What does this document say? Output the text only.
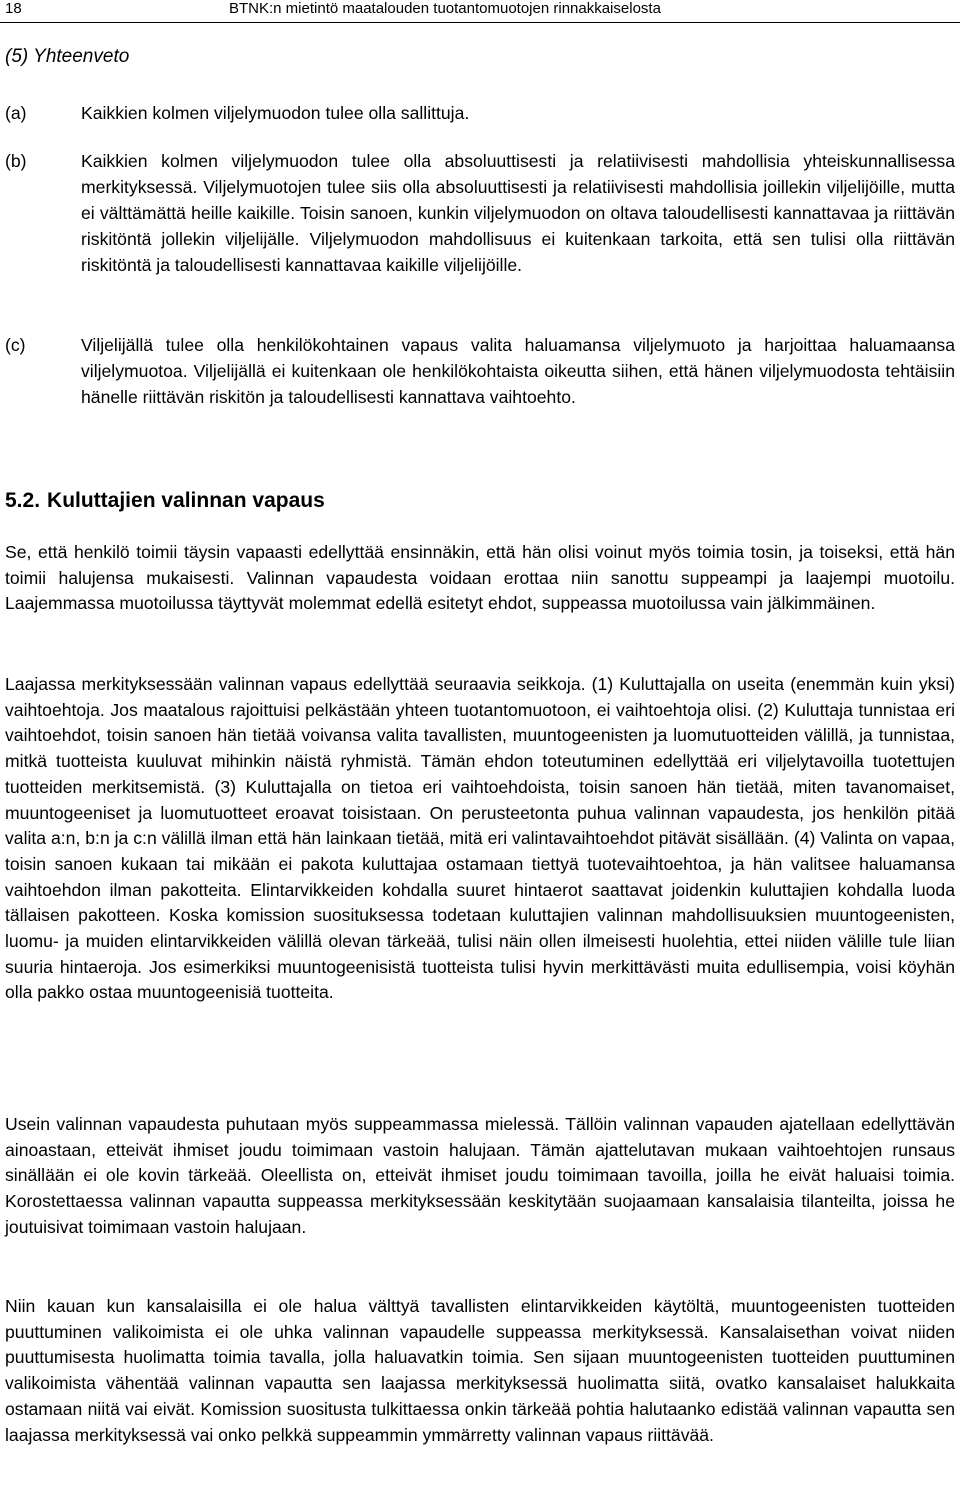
18	BTNK:n mietintö maatalouden tuotantomuotojen rinnakkaiselosta
(5) Yhteenveto
(a)	Kaikkien kolmen viljelymuodon tulee olla sallittuja.
(b)	Kaikkien kolmen viljelymuodon tulee olla absoluuttisesti ja relatiivisesti mahdollisia yhteiskunnallisessa merkityksessä. Viljelymuotojen tulee siis olla absoluuttisesti ja relatiivisesti mahdollisia joillekin viljelijöille, mutta ei välttämättä heille kaikille. Toisin sanoen, kunkin viljelymuodon on oltava taloudellisesti kannattavaa ja riittävän riskitöntä jollekin viljelijälle. Viljelymuodon mahdollisuus ei kuitenkaan tarkoita, että sen tulisi olla riittävän riskitöntä ja taloudellisesti kannattavaa kaikille viljelijöille.
(c)	Viljelijällä tulee olla henkilökohtainen vapaus valita haluamansa viljelymuoto ja harjoittaa haluamaansa viljelymuotoa. Viljelijällä ei kuitenkaan ole henkilökohtaista oikeutta siihen, että hänen viljelymuodosta tehtäisiin hänelle riittävän riskitön ja taloudellisesti kannattava vaihtoehto.
5.2. Kuluttajien valinnan vapaus

Se, että henkilö toimii täysin vapaasti edellyttää ensinnäkin, että hän olisi voinut myös toimia tosin, ja toiseksi, että hän toimii halujensa mukaisesti. Valinnan vapaudesta voidaan erottaa niin sanottu suppeampi ja laajempi muotoilu. Laajemmassa muotoilussa täyttyvät molemmat edellä esitetyt ehdot, suppeassa muotoilussa vain jälkimmäinen.

Laajassa merkityksessään valinnan vapaus edellyttää seuraavia seikkoja. (1) Kuluttajalla on useita (enemmän kuin yksi) vaihtoehtoja. Jos maatalous rajoittuisi pelkästään yhteen tuotantomuotoon, ei vaihtoehtoja olisi. (2) Kuluttaja tunnistaa eri vaihtoehdot, toisin sanoen hän tietää voivansa valita tavallisten, muuntogeenisten ja luomutuotteiden välillä, ja tunnistaa, mitkä tuotteista kuuluvat mihinkin näistä ryhmistä. Tämän ehdon toteutuminen edellyttää eri viljelytavoilla tuotettujen tuotteiden merkitsemistä. (3) Kuluttajalla on tietoa eri vaihtoehdoista, toisin sanoen hän tietää, miten tavanomaiset, muuntogeeniset ja luomutuotteet eroavat toisistaan. On perusteetonta puhua valinnan vapaudesta, jos henkilön pitää valita a:n, b:n ja c:n välillä ilman että hän lainkaan tietää, mitä eri valintavaihtoehdot pitävät sisällään. (4) Valinta on vapaa, toisin sanoen kukaan tai mikään ei pakota kuluttajaa ostamaan tiettyä tuotevaihtoehtoa, ja hän valitsee haluamansa vaihtoehdon ilman pakotteita. Elintarvikkeiden kohdalla suuret hintaerot saattavat joidenkin kuluttajien kohdalla luoda tällaisen pakotteen. Koska komission suosituksessa todetaan kuluttajien valinnan mahdollisuuksien muuntogeenisten, luomu- ja muiden elintarvikkeiden välillä olevan tärkeää, tulisi näin ollen ilmeisesti huolehtia, ettei niiden välille tule liian suuria hintaeroja. Jos esimerkiksi muuntogeenisistä tuotteista tulisi hyvin merkittävästi muita edullisempia, voisi köyhän olla pakko ostaa muuntogeenisiä tuotteita.

Usein valinnan vapaudesta puhutaan myös suppeammassa mielessä. Tällöin valinnan vapauden ajatellaan edellyttävän ainoastaan, etteivät ihmiset joudu toimimaan vastoin halujaan. Tämän ajattelutavan mukaan vaihtoehtojen runsaus sinällään ei ole kovin tärkeää. Oleellista on, etteivät ihmiset joudu toimimaan tavoilla, joilla he eivät haluaisi toimia. Korostettaessa valinnan vapautta suppeassa merkityksessään keskitytään suojaamaan kansalaisia tilanteilta, joissa he joutuisivat toimimaan vastoin halujaan.

Niin kauan kun kansalaisilla ei ole halua välttyä tavallisten elintarvikkeiden käytöltä, muuntogeenisten tuotteiden puuttuminen valikoimista ei ole uhka valinnan vapaudelle suppeassa merkityksessä. Kansalaisethan voivat niiden puuttumisesta huolimatta toimia tavalla, jolla haluavatkin toimia. Sen sijaan muuntogeenisten tuotteiden puuttuminen valikoimista vähentää valinnan vapautta sen laajassa merkityksessä huolimatta siitä, ovatko kansalaiset halukkaita ostamaan niitä vai eivät. Komission suositusta tulkittaessa onkin tärkeää pohtia halutaanko edistää valinnan vapautta sen laajassa merkityksessä vai onko pelkkä suppeammin ymmärretty valinnan vapaus riittävää.
